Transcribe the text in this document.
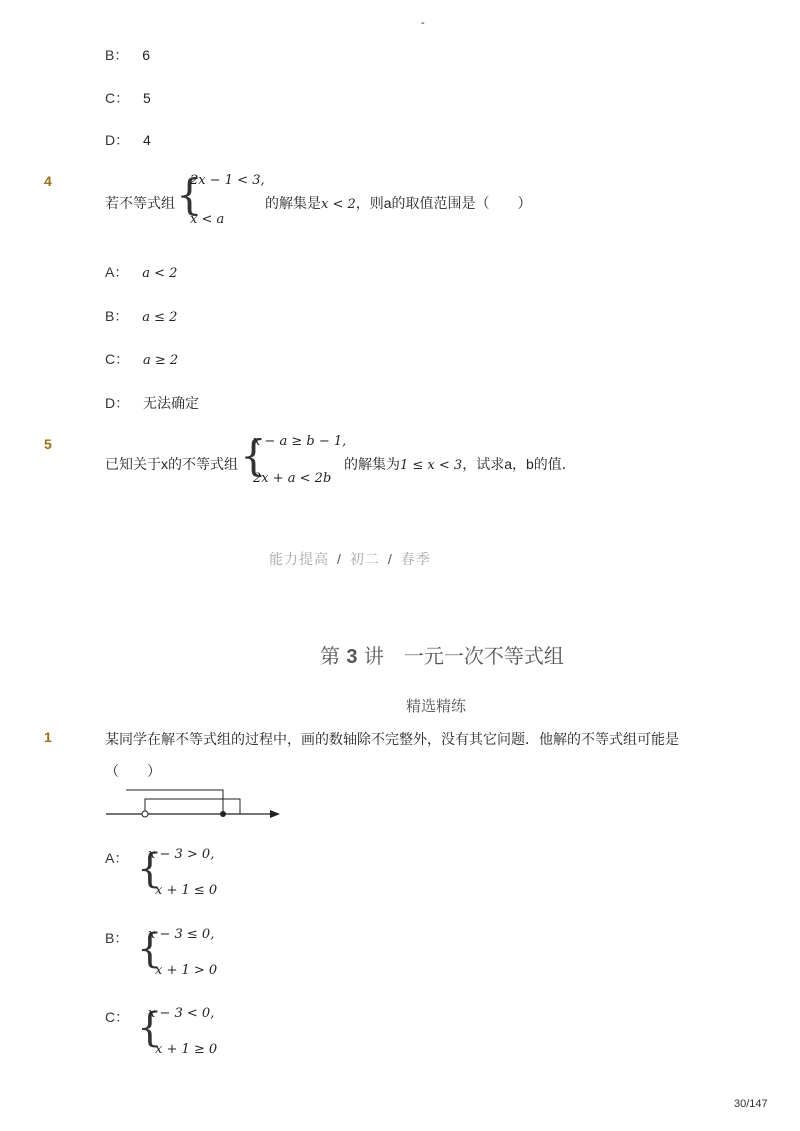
-
B： 6
C： 5
D： 4
4
若不等式组 {
2x − 1 < 3,
x < a
的解集是x < 2，则a的取值范围是（　　）
A： a < 2
B： a ≤ 2
C： a ≥ 2
D： 无法确定
5
已知关于x的不等式组 {
x − a ≥ b − 1,
2x + a < 2b
的解集为1 ≤ x < 3，试求a，b的值．
能力提高 / 初二 / 春季
第 3 讲　一元一次不等式组
精选精练
1	某同学在解不等式组的过程中，画的数轴除不完整外，没有其它问题．他解的不等式组可能是
（　　）
A： {
x − 3 > 0,
x + 1 ≤ 0
B： {
x − 3 ≤ 0,
x + 1 > 0
C： {
x − 3 < 0,
x + 1 ≥ 0
30/147
